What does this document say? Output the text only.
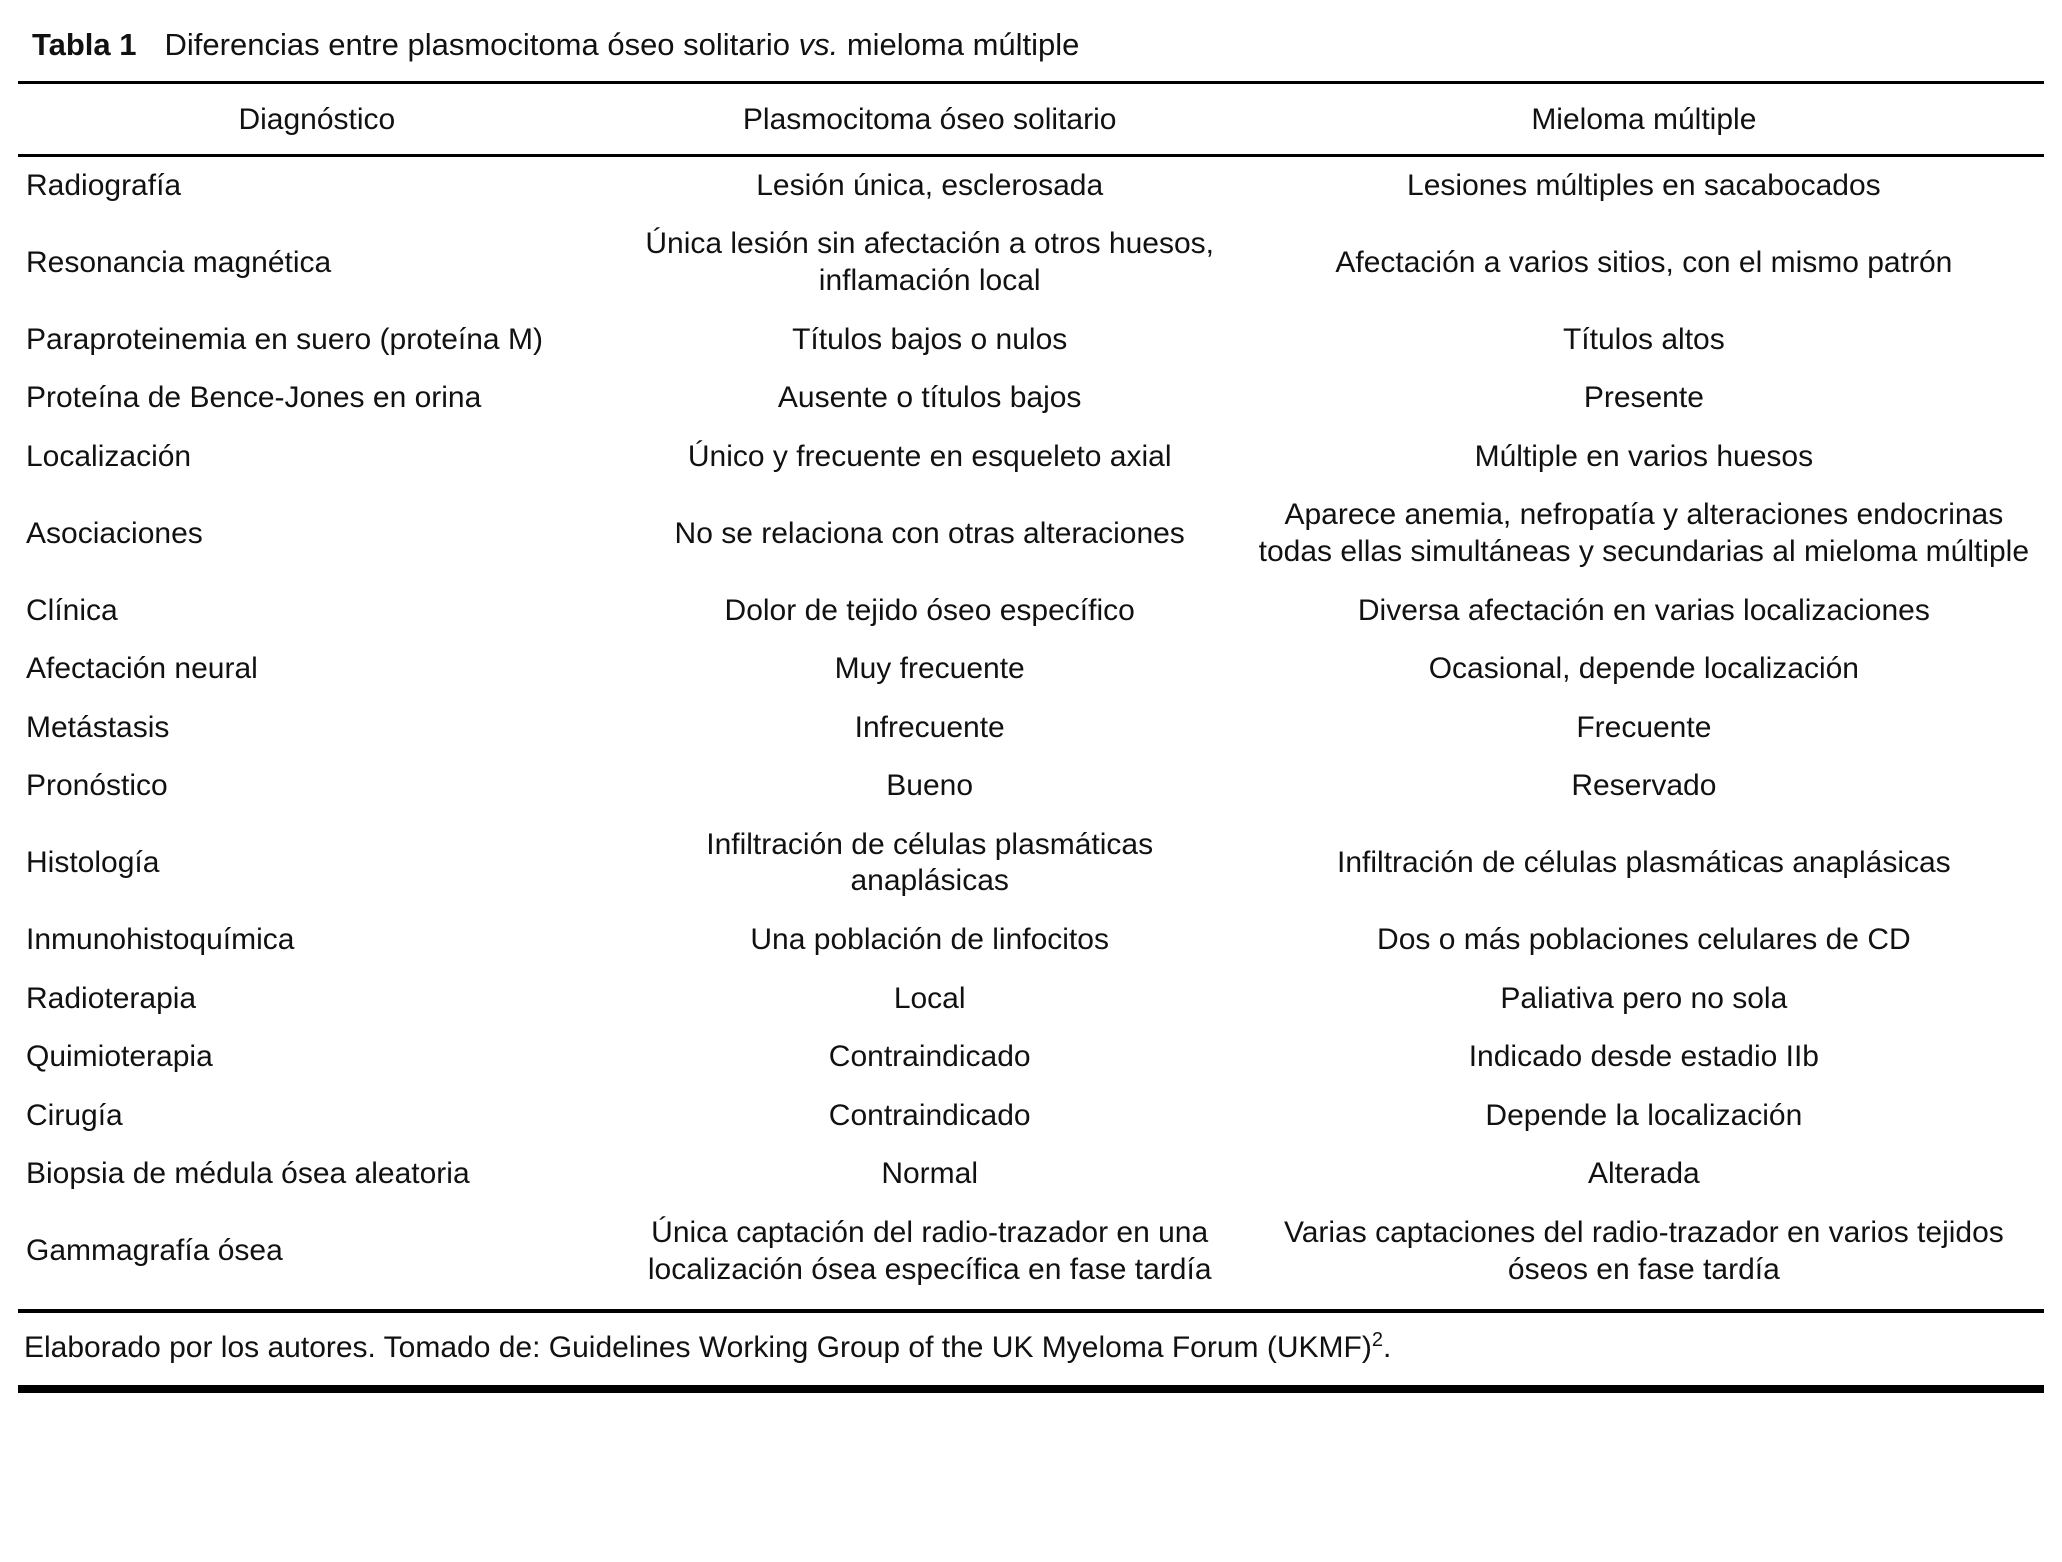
Tabla 1 Diferencias entre plasmocitoma óseo solitario vs. mieloma múltiple
Diagnóstico	Plasmocitoma óseo solitario	Mieloma múltiple
Radiografía	Lesión única, esclerosada	Lesiones múltiples en sacabocados
Resonancia magnética	Única lesión sin afectación a otros huesos, inflamación local	Afectación a varios sitios, con el mismo patrón
Paraproteinemia en suero (proteína M)	Títulos bajos o nulos	Títulos altos
Proteína de Bence-Jones en orina	Ausente o títulos bajos	Presente
Localización	Único y frecuente en esqueleto axial	Múltiple en varios huesos
Asociaciones	No se relaciona con otras alteraciones	Aparece anemia, nefropatía y alteraciones endocrinas todas ellas simultáneas y secundarias al mieloma múltiple
Clínica	Dolor de tejido óseo específico	Diversa afectación en varias localizaciones
Afectación neural	Muy frecuente	Ocasional, depende localización
Metástasis	Infrecuente	Frecuente
Pronóstico	Bueno	Reservado
Histología	Infiltración de células plasmáticas anaplásicas	Infiltración de células plasmáticas anaplásicas
Inmunohistoquímica	Una población de linfocitos	Dos o más poblaciones celulares de CD
Radioterapia	Local	Paliativa pero no sola
Quimioterapia	Contraindicado	Indicado desde estadio IIb
Cirugía	Contraindicado	Depende la localización
Biopsia de médula ósea aleatoria	Normal	Alterada
Gammagrafía ósea	Única captación del radio-trazador en una localización ósea específica en fase tardía	Varias captaciones del radio-trazador en varios tejidos óseos en fase tardía
Elaborado por los autores. Tomado de: Guidelines Working Group of the UK Myeloma Forum (UKMF)$^2$.
